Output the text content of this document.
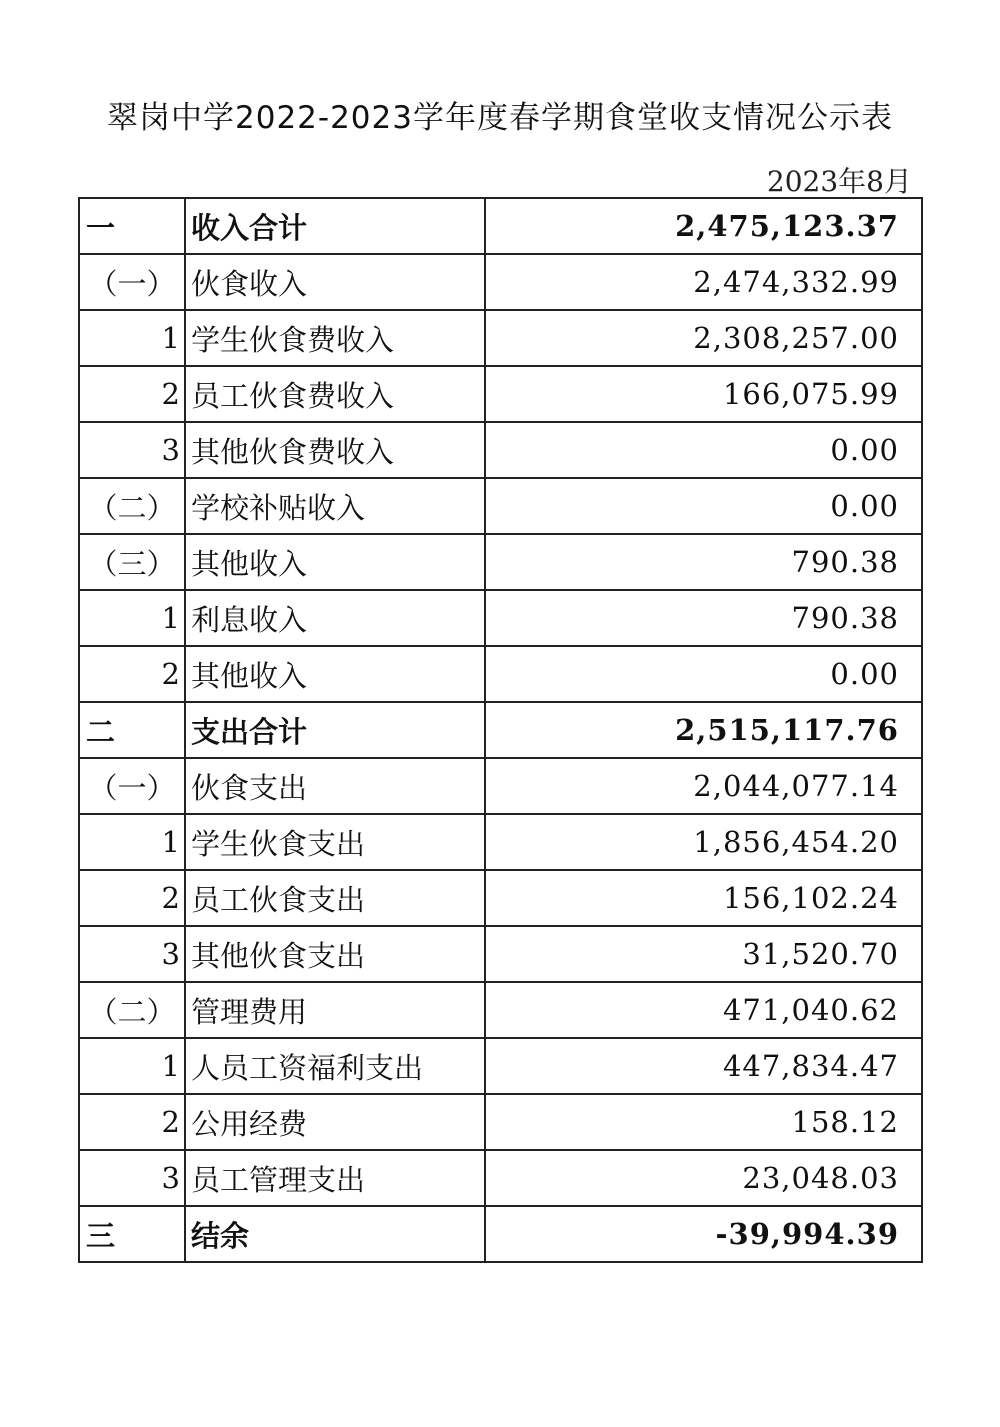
翠岗中学2022-2023学年度春学期食堂收支情况公示表
2023年8月
一	收入合计	2,475,123.37
（一）	伙食收入	2,474,332.99
1	学生伙食费收入	2,308,257.00
2	员工伙食费收入	166,075.99
3	其他伙食费收入	0.00
（二）	学校补贴收入	0.00
（三）	其他收入	790.38
1	利息收入	790.38
2	其他收入	0.00
二	支出合计	2,515,117.76
（一）	伙食支出	2,044,077.14
1	学生伙食支出	1,856,454.20
2	员工伙食支出	156,102.24
3	其他伙食支出	31,520.70
（二）	管理费用	471,040.62
1	人员工资福利支出	447,834.47
2	公用经费	158.12
3	员工管理支出	23,048.03
三	结余	-39,994.39
